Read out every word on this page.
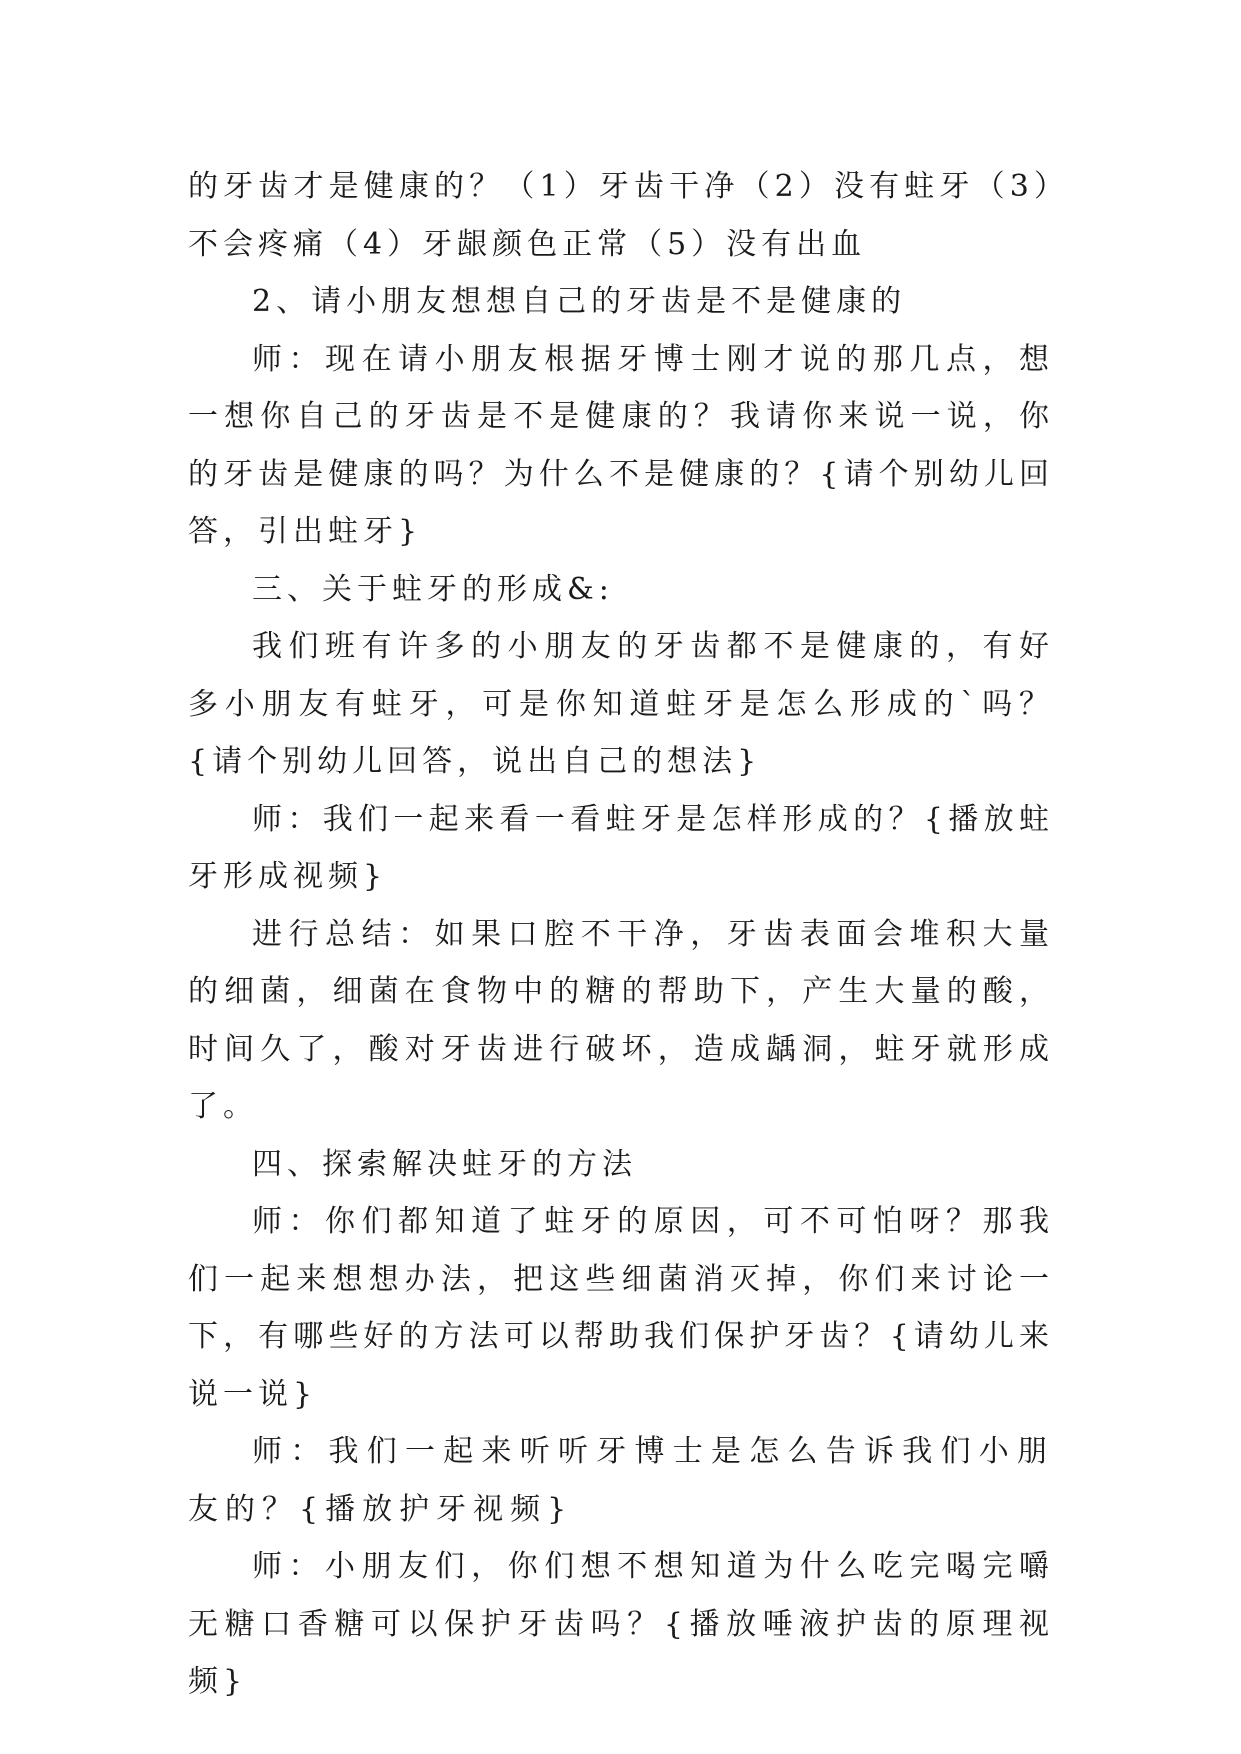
的牙齿才是健康的？（1）牙齿干净（2）没有蛀牙（3）不会疼痛（4）牙龈颜色正常（5）没有出血

2、请小朋友想想自己的牙齿是不是健康的

师：现在请小朋友根据牙博士刚才说的那几点，想一想你自己的牙齿是不是健康的？我请你来说一说，你的牙齿是健康的吗？为什么不是健康的？{请个别幼儿回答，引出蛀牙}

三、关于蛀牙的形成&:

我们班有许多的小朋友的牙齿都不是健康的，有好多小朋友有蛀牙，可是你知道蛀牙是怎么形成的`吗？{请个别幼儿回答，说出自己的想法}

师：我们一起来看一看蛀牙是怎样形成的？{播放蛀牙形成视频}

进行总结：如果口腔不干净，牙齿表面会堆积大量的细菌，细菌在食物中的糖的帮助下，产生大量的酸，时间久了，酸对牙齿进行破坏，造成龋洞，蛀牙就形成了。

四、探索解决蛀牙的方法

师：你们都知道了蛀牙的原因，可不可怕呀？那我们一起来想想办法，把这些细菌消灭掉，你们来讨论一下，有哪些好的方法可以帮助我们保护牙齿？{请幼儿来说一说}

师：我们一起来听听牙博士是怎么告诉我们小朋友的？{播放护牙视频}

师：小朋友们，你们想不想知道为什么吃完喝完嚼无糖口香糖可以保护牙齿吗？{播放唾液护齿的原理视频}
